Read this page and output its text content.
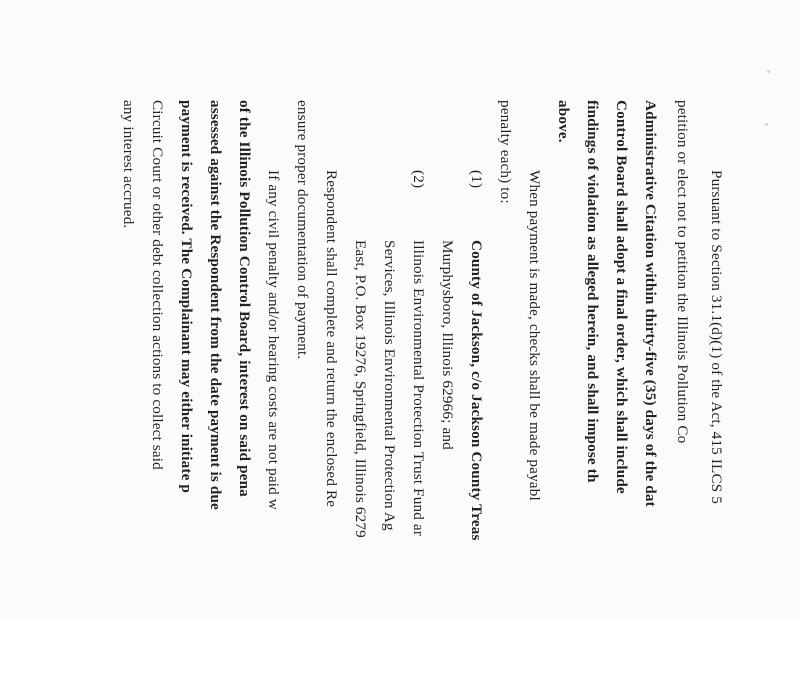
Pursuant to Section 31.1(d)(1) of the Act, 415 ILCS 5
petition or elect not to petition the Illinois Pollution Co
Administrative Citation within thirty-five (35) days of the dat
Control Board shall adopt a final order, which shall include
findings of violation as alleged herein, and shall impose th
above.
When payment is made, checks shall be made payabl
penalty each) to:
(1)
County of Jackson, c/o Jackson County Treas
Murphysboro, Illinois 62966; and
(2)
Illinois Environmental Protection Trust Fund ar
Services, Illinois Environmental Protection Ag
East, P.O. Box 19276, Springfield, Illinois 6279
Respondent shall complete and return the enclosed Re
ensure proper documentation of payment.
If any civil penalty and/or hearing costs are not paid w
of the Illinois Pollution Control Board, interest on said pena
assessed against the Respondent from the date payment is due
payment is received. The Complainant may either initiate p
Circuit Court or other debt collection actions to collect said
any interest accrued.
